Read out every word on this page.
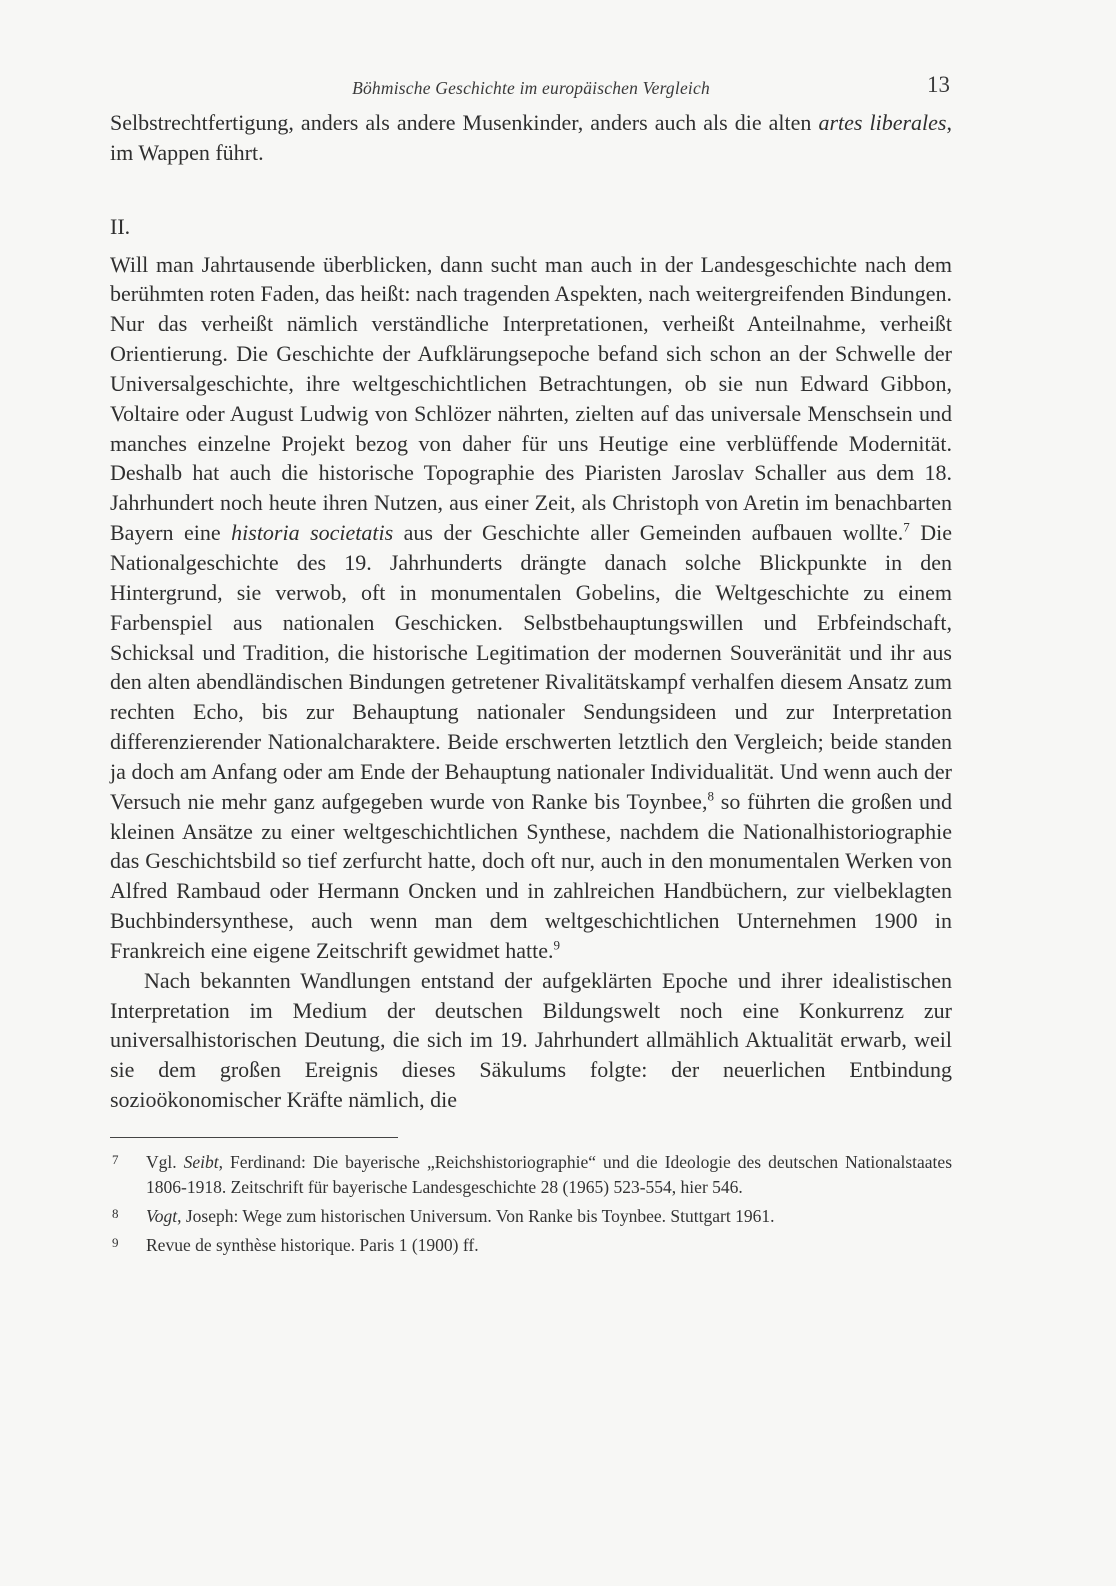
Böhmische Geschichte im europäischen Vergleich	13

Selbstrechtfertigung, anders als andere Musenkinder, anders auch als die alten artes liberales, im Wappen führt.

II.

Will man Jahrtausende überblicken, dann sucht man auch in der Landesgeschichte nach dem berühmten roten Faden, das heißt: nach tragenden Aspekten, nach weitergreifenden Bindungen. Nur das verheißt nämlich verständliche Interpretationen, verheißt Anteilnahme, verheißt Orientierung. Die Geschichte der Aufklärungsepoche befand sich schon an der Schwelle der Universalgeschichte, ihre weltgeschichtlichen Betrachtungen, ob sie nun Edward Gibbon, Voltaire oder August Ludwig von Schlözer nährten, zielten auf das universale Menschsein und manches einzelne Projekt bezog von daher für uns Heutige eine verblüffende Modernität. Deshalb hat auch die historische Topographie des Piaristen Jaroslav Schaller aus dem 18. Jahrhundert noch heute ihren Nutzen, aus einer Zeit, als Christoph von Aretin im benachbarten Bayern eine historia societatis aus der Geschichte aller Gemeinden aufbauen wollte.$^7$ Die Nationalgeschichte des 19. Jahrhunderts drängte danach solche Blickpunkte in den Hintergrund, sie verwob, oft in monumentalen Gobelins, die Weltgeschichte zu einem Farbenspiel aus nationalen Geschicken. Selbstbehauptungswillen und Erbfeindschaft, Schicksal und Tradition, die historische Legitimation der modernen Souveränität und ihr aus den alten abendländischen Bindungen getretener Rivalitätskampf verhalfen diesem Ansatz zum rechten Echo, bis zur Behauptung nationaler Sendungsideen und zur Interpretation differenzierender Nationalcharaktere. Beide erschwerten letztlich den Vergleich; beide standen ja doch am Anfang oder am Ende der Behauptung nationaler Individualität. Und wenn auch der Versuch nie mehr ganz aufgegeben wurde von Ranke bis Toynbee,$^8$ so führten die großen und kleinen Ansätze zu einer weltgeschichtlichen Synthese, nachdem die Nationalhistoriographie das Geschichtsbild so tief zerfurcht hatte, doch oft nur, auch in den monumentalen Werken von Alfred Rambaud oder Hermann Oncken und in zahlreichen Handbüchern, zur vielbeklagten Buchbindersynthese, auch wenn man dem weltgeschichtlichen Unternehmen 1900 in Frankreich eine eigene Zeitschrift gewidmet hatte.$^9$

Nach bekannten Wandlungen entstand der aufgeklärten Epoche und ihrer idealistischen Interpretation im Medium der deutschen Bildungswelt noch eine Konkurrenz zur universalhistorischen Deutung, die sich im 19. Jahrhundert allmählich Aktualität erwarb, weil sie dem großen Ereignis dieses Säkulums folgte: der neuerlichen Entbindung sozioökonomischer Kräfte nämlich, die

7 Vgl. Seibt, Ferdinand: Die bayerische „Reichshistoriographie“ und die Ideologie des deutschen Nationalstaates 1806-1918. Zeitschrift für bayerische Landesgeschichte 28 (1965) 523-554, hier 546.
8 Vogt, Joseph: Wege zum historischen Universum. Von Ranke bis Toynbee. Stuttgart 1961.
9 Revue de synthèse historique. Paris 1 (1900) ff.
